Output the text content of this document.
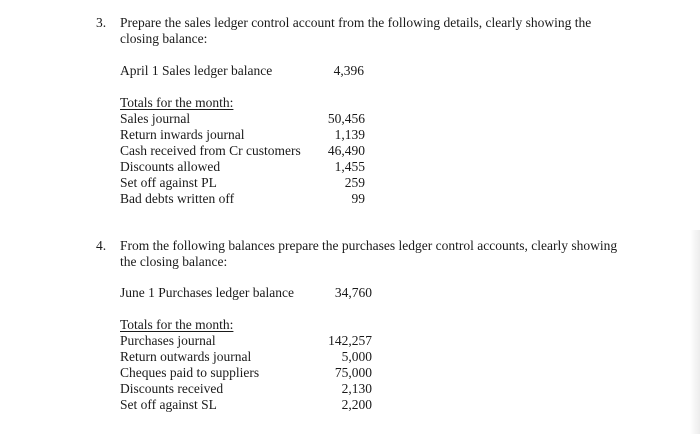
3. Prepare the sales ledger control account from the following details, clearly showing the closing balance:
April 1 Sales ledger balance	4,396
Totals for the month:
Sales journal
Return inwards journal
Cash received from Cr customers
Discounts allowed
Set off against PL
Bad debts written off
50,456
1,139
46,490
1,455
259
99
4. From the following balances prepare the purchases ledger control accounts, clearly showing the closing balance:
June 1 Purchases ledger balance	34,760
Totals for the month:
Purchases journal
Return outwards journal
Cheques paid to suppliers
Discounts received
Set off against SL
142,257
5,000
75,000
2,130
2,200
